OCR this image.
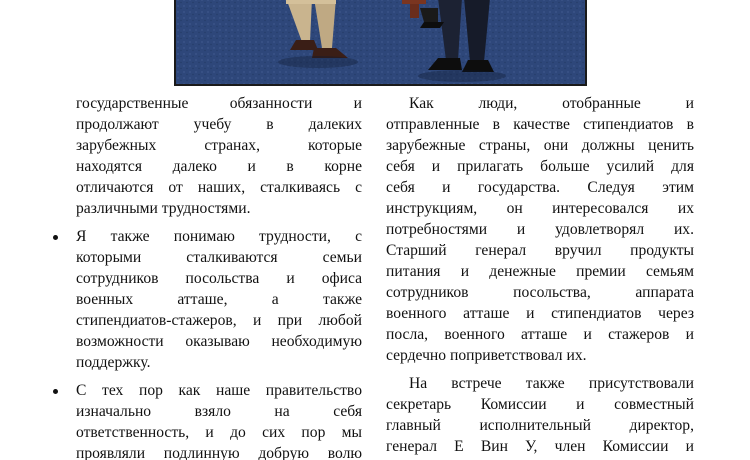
государственные обязанности и
продолжают учебу в далеких
зарубежных странах, которые
находятся далеко и в корне
отличаются от наших, сталкиваясь с
различными трудностями.
Я также понимаю трудности, с
которыми сталкиваются семьи
сотрудников посольства и офиса
военных атташе, а также
стипендиатов-стажеров, и при любой
возможности оказываю необходимую
поддержку.
С тех пор как наше правительство
изначально взяло на себя
ответственность, и до сих пор мы
проявляли подлинную добрую волю
Как люди, отобранные и
отправленные в качестве стипендиатов в
зарубежные страны, они должны ценить
себя и прилагать больше усилий для
себя и государства. Следуя этим
инструкциям, он интересовался их
потребностями и удовлетворял их.
Старший генерал вручил продукты
питания и денежные премии семьям
сотрудников посольства, аппарата
военного атташе и стипендиатов через
посла, военного атташе и стажеров и
сердечно поприветствовал их.
На встрече также присутствовали
секретарь Комиссии и совместный
главный исполнительный директор,
генерал Е Вин У, член Комиссии и
